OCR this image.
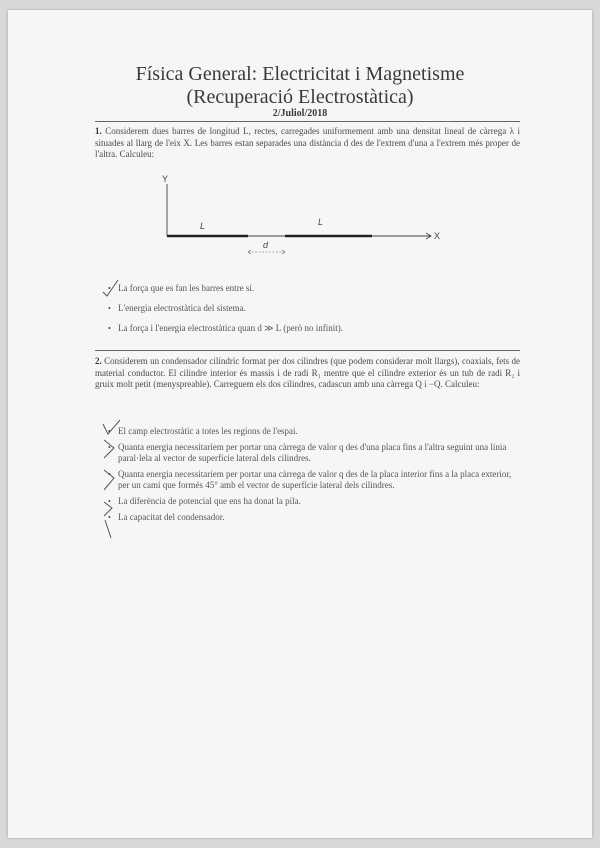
Física General: Electricitat i Magnetisme
(Recuperació Electrostàtica)
2/Juliol/2018
1. Considerem dues barres de longitud L, rectes, carregades uniformement amb una densitat lineal de càrrega λ i situades al llarg de l'eix X. Les barres estan separades una distància d des de l'extrem d'una a l'extrem més proper de l'altra. Calculeu:
Y
X
L	L
d
• La força que es fan les barres entre sí.
• L'energia electrostàtica del sistema.
• La força i l'energia electrostàtica quan d ≫ L (però no infinit).
2. Considerem un condensador cilíndric format per dos cilindres (que podem considerar molt llargs), coaxials, fets de material conductor. El cilindre interior és massís i de radi R₁ mentre que el cilindre exterior és un tub de radi R₂ i gruix molt petit (menyspreable). Carreguem els dos cilindres, cadascun amb una càrrega Q i −Q. Calculeu:
• El camp electrostàtic a totes les regions de l'espai.
• Quanta energia necessitaríem per portar una càrrega de valor q des d'una placa fins a l'altra seguint una línia paral·lela al vector de superfície lateral dels cilindres.
• Quanta energia necessitaríem per portar una càrrega de valor q des de la placa interior fins a la placa exterior, per un camí que formés 45° amb el vector de superfície lateral dels cilindres.
• La diferència de potencial que ens ha donat la pila.
• La capacitat del condensador.
